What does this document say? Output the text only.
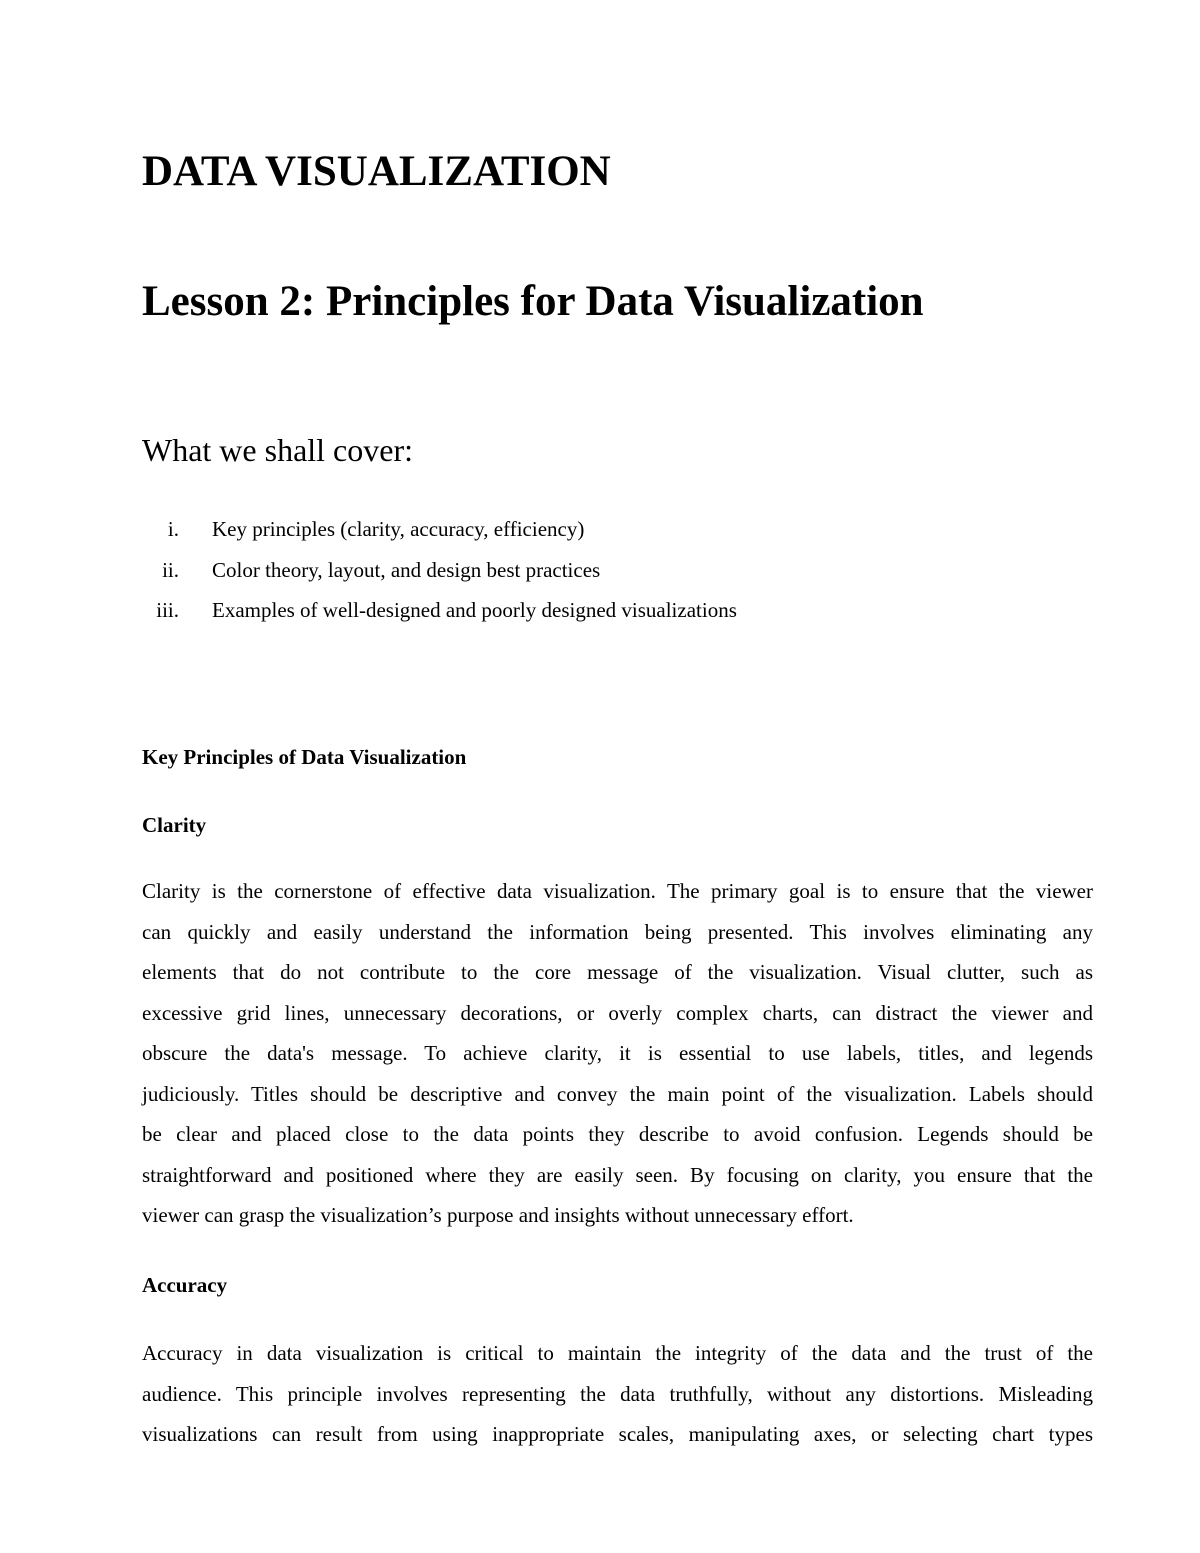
DATA VISUALIZATION
Lesson 2: Principles for Data Visualization
What we shall cover:
i. Key principles (clarity, accuracy, efficiency)
ii. Color theory, layout, and design best practices
iii. Examples of well-designed and poorly designed visualizations
Key Principles of Data Visualization
Clarity

Clarity is the cornerstone of effective data visualization. The primary goal is to ensure that the viewer
can quickly and easily understand the information being presented. This involves eliminating any
elements that do not contribute to the core message of the visualization. Visual clutter, such as
excessive grid lines, unnecessary decorations, or overly complex charts, can distract the viewer and
obscure the data's message. To achieve clarity, it is essential to use labels, titles, and legends
judiciously. Titles should be descriptive and convey the main point of the visualization. Labels should
be clear and placed close to the data points they describe to avoid confusion. Legends should be
straightforward and positioned where they are easily seen. By focusing on clarity, you ensure that the
viewer can grasp the visualization’s purpose and insights without unnecessary effort.

Accuracy

Accuracy in data visualization is critical to maintain the integrity of the data and the trust of the
audience. This principle involves representing the data truthfully, without any distortions. Misleading
visualizations can result from using inappropriate scales, manipulating axes, or selecting chart types
